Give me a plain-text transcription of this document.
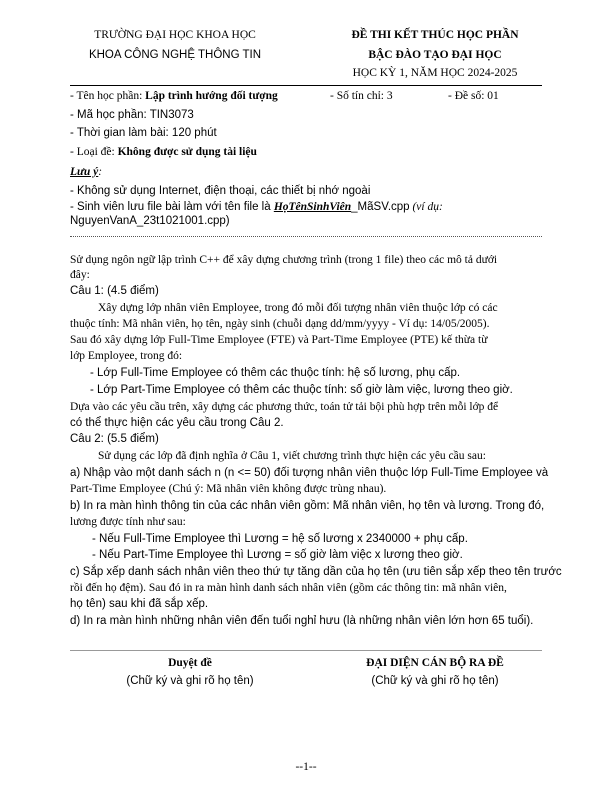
TRƯỜNG ĐẠI HỌC KHOA HỌC
KHOA CÔNG NGHỆ THÔNG TIN
ĐỀ THI KẾT THÚC HỌC PHẦN
BẬC ĐÀO TẠO ĐẠI HỌC
HỌC KỲ 1, NĂM HỌC 2024-2025
- Tên học phần: Lập trình hướng đối tượng	- Số tín chỉ: 3	- Đề số: 01
- Mã học phần: TIN3073
- Thời gian làm bài: 120 phút
- Loại đề: Không được sử dụng tài liệu
Lưu ý:
- Không sử dụng Internet, điện thoại, các thiết bị nhớ ngoài
- Sinh viên lưu file bài làm với tên file là HọTênSinhViên_MãSV.cpp (ví dụ:
NguyenVanA_23t1021001.cpp)
Sử dụng ngôn ngữ lập trình C++ để xây dựng chương trình (trong 1 file) theo các mô tả dưới
đây:
Câu 1: (4.5 điểm)
Xây dựng lớp nhân viên Employee, trong đó mỗi đối tượng nhân viên thuộc lớp có các
thuộc tính: Mã nhân viên, họ tên, ngày sinh (chuỗi dạng dd/mm/yyyy - Ví dụ: 14/05/2005).
Sau đó xây dựng lớp Full-Time Employee (FTE) và Part-Time Employee (PTE) kế thừa từ
lớp Employee, trong đó:
- Lớp Full-Time Employee có thêm các thuộc tính: hệ số lương, phụ cấp.
- Lớp Part-Time Employee có thêm các thuộc tính: số giờ làm việc, lương theo giờ.
Dựa vào các yêu cầu trên, xây dựng các phương thức, toán tử tải bội phù hợp trên mỗi lớp để
có thể thực hiện các yêu cầu trong Câu 2.
Câu 2: (5.5 điểm)
Sử dụng các lớp đã định nghĩa ở Câu 1, viết chương trình thực hiện các yêu cầu sau:
a) Nhập vào một danh sách n (n <= 50) đối tượng nhân viên thuộc lớp Full-Time Employee và
Part-Time Employee (Chú ý: Mã nhân viên không được trùng nhau).
b) In ra màn hình thông tin của các nhân viên gồm: Mã nhân viên, họ tên và lương. Trong đó,
lương được tính như sau:
- Nếu Full-Time Employee thì Lương = hệ số lương x 2340000 + phụ cấp.
- Nếu Part-Time Employee thì Lương = số giờ làm việc x lương theo giờ.
c) Sắp xếp danh sách nhân viên theo thứ tự tăng dần của họ tên (ưu tiên sắp xếp theo tên trước
rồi đến họ đệm). Sau đó in ra màn hình danh sách nhân viên (gồm các thông tin: mã nhân viên,
họ tên) sau khi đã sắp xếp.
d) In ra màn hình những nhân viên đến tuổi nghỉ hưu (là những nhân viên lớn hơn 65 tuổi).
Duyệt đề
(Chữ ký và ghi rõ họ tên)
ĐẠI DIỆN CÁN BỘ RA ĐỀ
(Chữ ký và ghi rõ họ tên)
--1--
